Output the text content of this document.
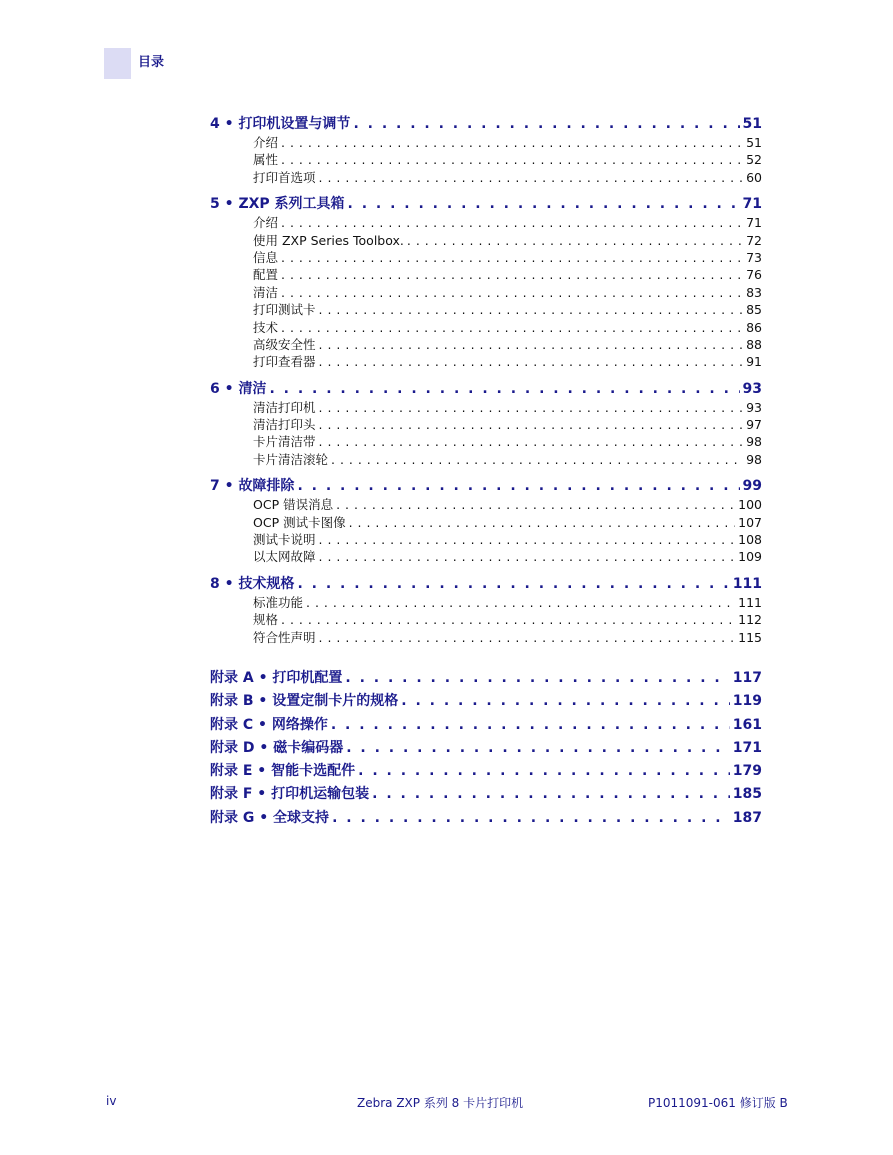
目录
4 • 打印机设置与调节 . . .	51
介绍 . . .	51
属性 . . .	52
打印首选项 . . .	60
5 • ZXP 系列工具箱 . . .	71
介绍 . . .	71
使用 ZXP Series Toolbox. . . .	72
信息 . . .	73
配置 . . .	76
清洁 . . .	83
打印测试卡 . . .	85
技术 . . .	86
高级安全性 . . .	88
打印查看器 . . .	91
6 • 清洁 . . .	93
清洁打印机 . . .	93
清洁打印头 . . .	97
卡片清洁带 . . .	98
卡片清洁滚轮 . . .	98
7 • 故障排除 . . .	99
OCP 错误消息 . . .	100
OCP 测试卡图像 . . .	107
测试卡说明 . . .	108
以太网故障 . . .	109
8 • 技术规格 . . .	111
标准功能 . . .	111
规格 . . .	112
符合性声明 . . .	115
附录 A • 打印机配置 . . .	117
附录 B • 设置定制卡片的规格 . . .	119
附录 C • 网络操作 . . .	161
附录 D • 磁卡编码器 . . .	171
附录 E • 智能卡选配件 . . .	179
附录 F • 打印机运输包装 . . .	185
附录 G • 全球支持 . . .	187
iv	Zebra ZXP 系列 8 卡片打印机	P1011091-061 修订版 B
